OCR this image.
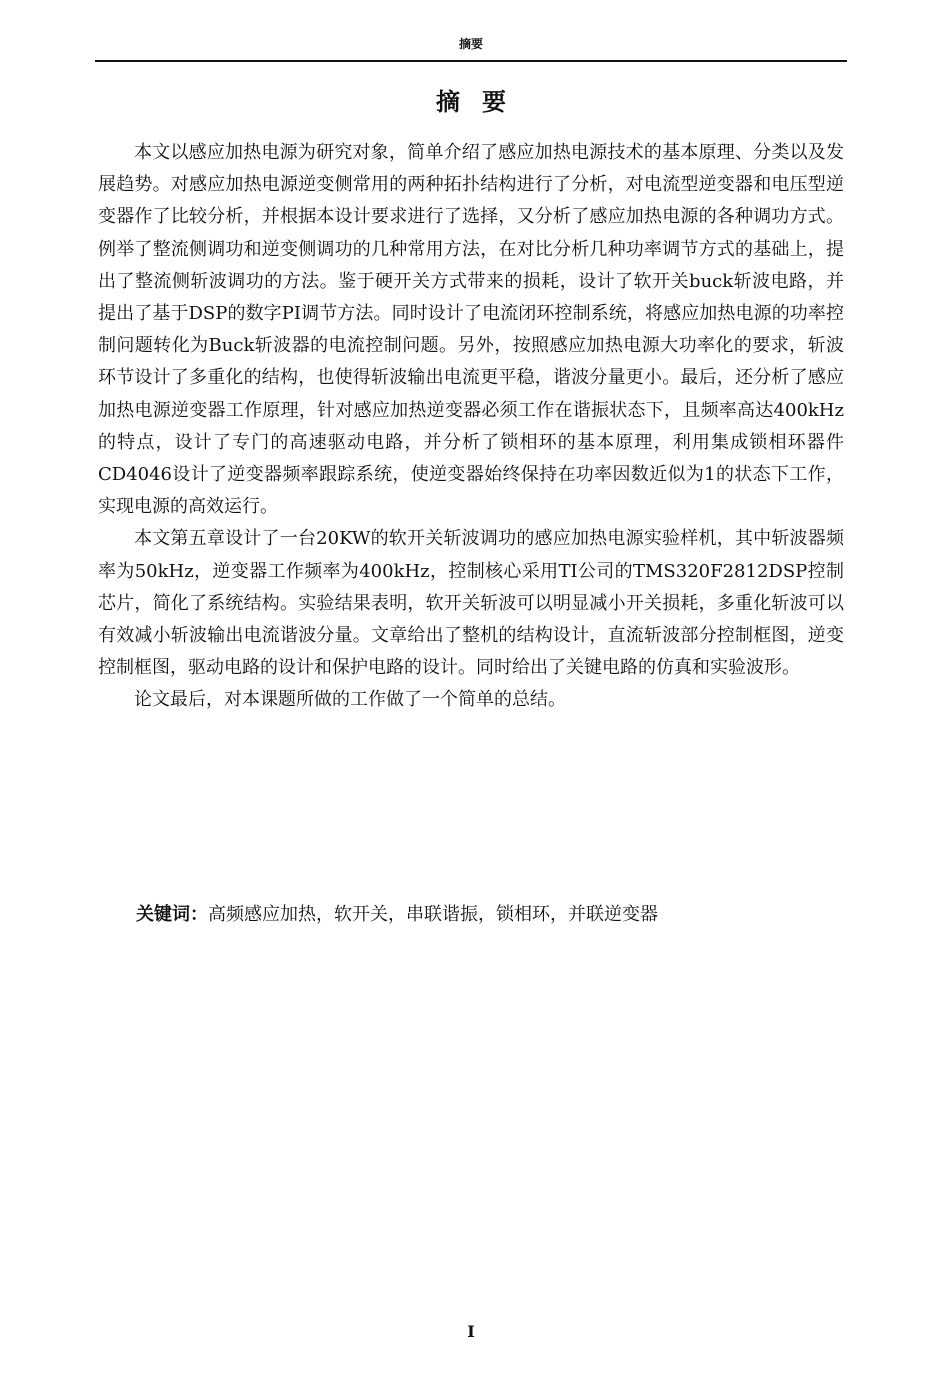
摘要
摘要

本文以感应加热电源为研究对象，简单介绍了感应加热电源技术的基本原理、分类以及发展趋势。对感应加热电源逆变侧常用的两种拓扑结构进行了分析，对电流型逆变器和电压型逆变器作了比较分析，并根据本设计要求进行了选择，又分析了感应加热电源的各种调功方式。例举了整流侧调功和逆变侧调功的几种常用方法，在对比分析几种功率调节方式的基础上，提出了整流侧斩波调功的方法。鉴于硬开关方式带来的损耗，设计了软开关buck斩波电路，并提出了基于DSP的数字PI调节方法。同时设计了电流闭环控制系统，将感应加热电源的功率控制问题转化为Buck斩波器的电流控制问题。另外，按照感应加热电源大功率化的要求，斩波环节设计了多重化的结构，也使得斩波输出电流更平稳，谐波分量更小。最后，还分析了感应加热电源逆变器工作原理，针对感应加热逆变器必须工作在谐振状态下，且频率高达400kHz的特点，设计了专门的高速驱动电路，并分析了锁相环的基本原理，利用集成锁相环器件CD4046设计了逆变器频率跟踪系统，使逆变器始终保持在功率因数近似为1的状态下工作，实现电源的高效运行。

本文第五章设计了一台20KW的软开关斩波调功的感应加热电源实验样机，其中斩波器频率为50kHz，逆变器工作频率为400kHz，控制核心采用TI公司的TMS320F2812DSP控制芯片，简化了系统结构。实验结果表明，软开关斩波可以明显减小开关损耗，多重化斩波可以有效减小斩波输出电流谐波分量。文章给出了整机的结构设计，直流斩波部分控制框图，逆变控制框图，驱动电路的设计和保护电路的设计。同时给出了关键电路的仿真和实验波形。

论文最后，对本课题所做的工作做了一个简单的总结。

关键词：高频感应加热，软开关，串联谐振，锁相环，并联逆变器
I
